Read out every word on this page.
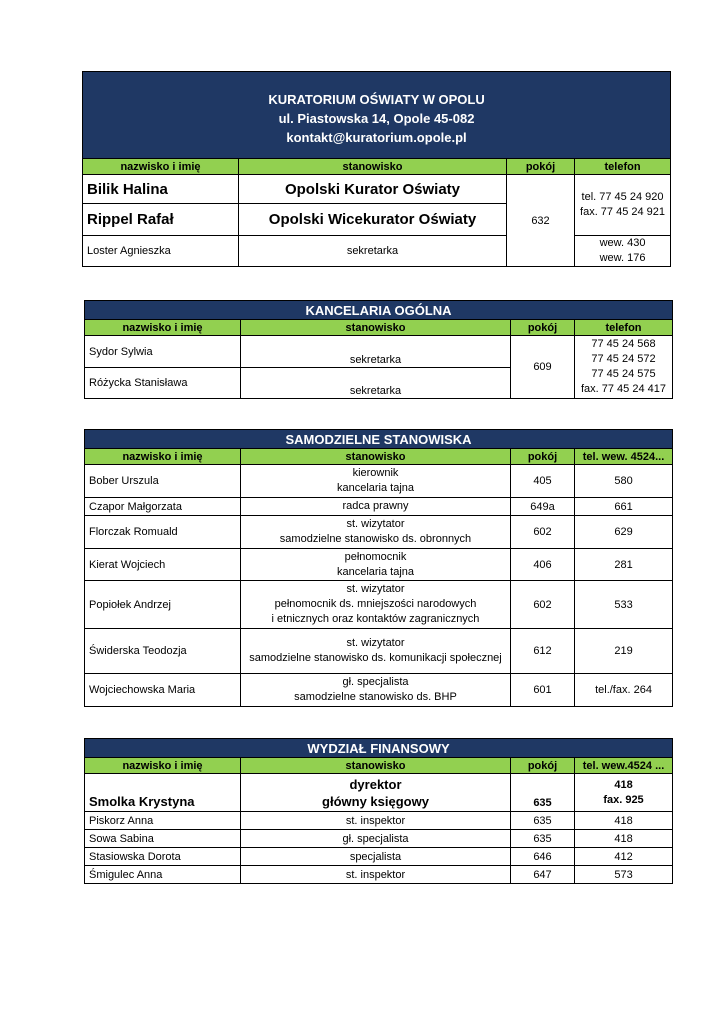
KURATORIUM OŚWIATY W OPOLU
ul. Piastowska 14, Opole 45-082
kontakt@kuratorium.opole.pl			

nazwisko i imię	stanowisko	pokój	telefon
Bilik Halina	Opolski Kurator Oświaty	632	tel. 77 45 24 920
fax. 77 45 24 921
Rippel Rafał	Opolski Wicekurator Oświaty		
Loster Agnieszka	sekretarka		wew. 430
wew. 176
KANCELARIA OGÓLNA			
nazwisko i imię	stanowisko	pokój	telefon
Sydor Sylwia	sekretarka	609	77 45 24 568
77 45 24 572
77 45 24 575
fax. 77 45 24 417
Różycka Stanisława	sekretarka		
SAMODZIELNE STANOWISKA			
nazwisko i imię	stanowisko	pokój	tel. wew. 4524...
Bober Urszula	kierownik
kancelaria tajna	405	580
Czapor Małgorzata	radca prawny	649a	661
Florczak Romuald	st. wizytator
samodzielne stanowisko ds. obronnych	602	629
Kierat Wojciech	pełnomocnik
kancelaria tajna	406	281
Popiołek Andrzej	st. wizytator
pełnomocnik ds. mniejszości narodowych
i etnicznych oraz kontaktów zagranicznych	602	533
Świderska Teodozja	st. wizytator
samodzielne stanowisko ds. komunikacji społecznej	612	219
Wojciechowska Maria	gł. specjalista
samodzielne stanowisko ds. BHP	601	tel./fax. 264
WYDZIAŁ FINANSOWY			
nazwisko i imię	stanowisko	pokój	tel. wew.4524 ...
Smolka Krystyna	dyrektor
główny księgowy	635	418
fax. 925
Piskorz Anna	st. inspektor	635	418
Sowa Sabina	gł. specjalista	635	418
Stasiowska Dorota	specjalista	646	412
Śmigulec Anna	st. inspektor	647	573
